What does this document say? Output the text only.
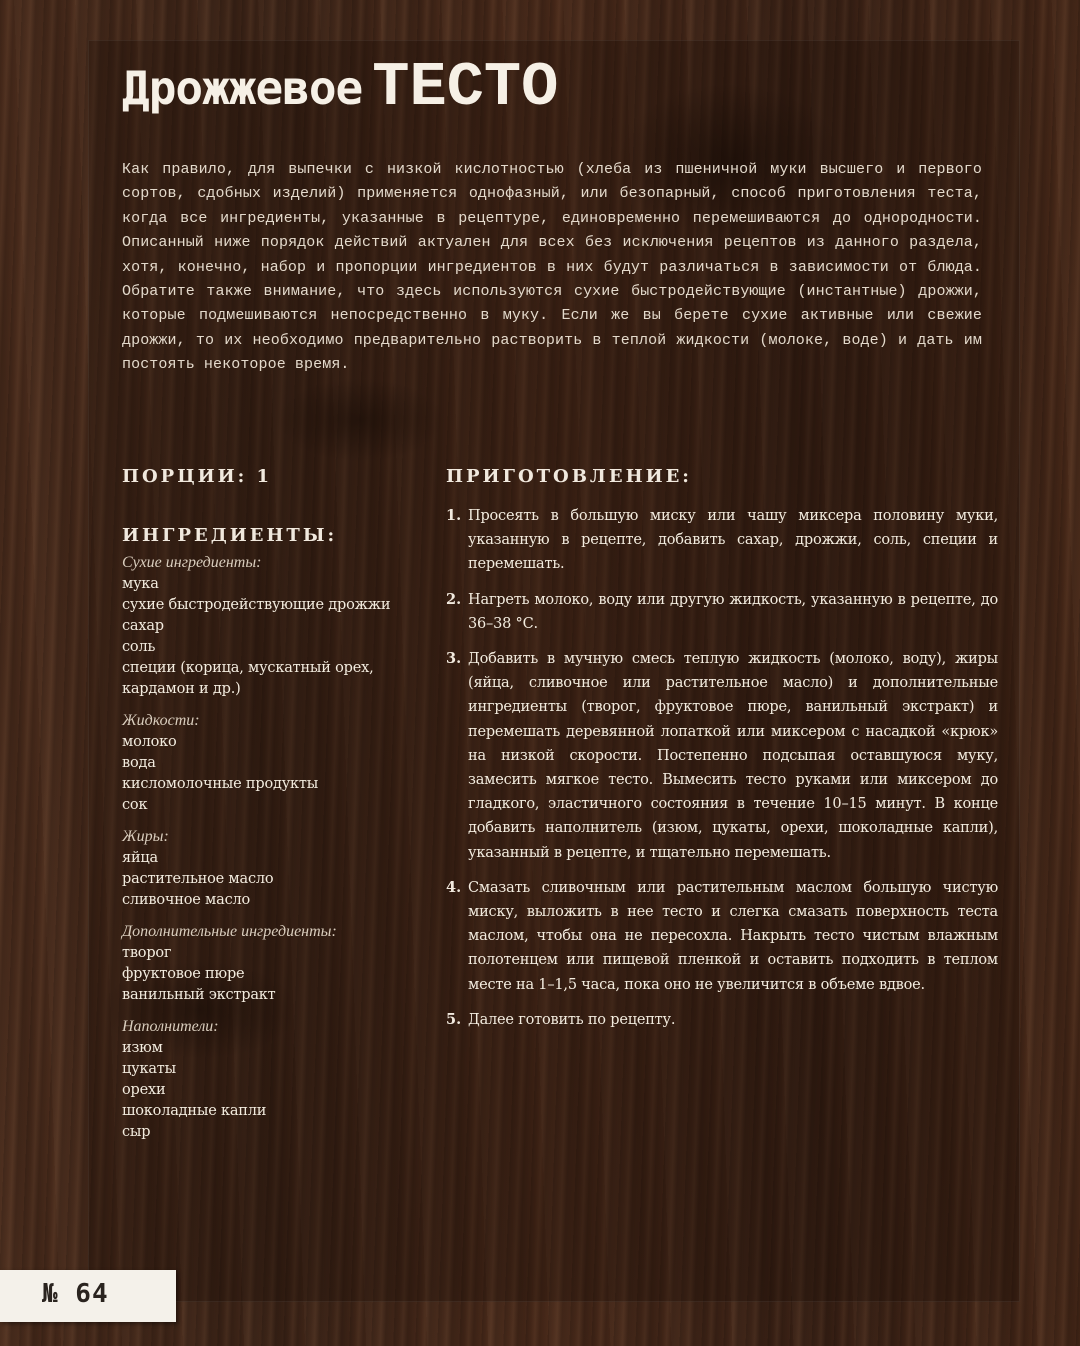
Дрожжевое ТЕСТО

Как правило, для выпечки с низкой кислотностью (хлеба из пшеничной муки высшего и первого сортов, сдобных изделий) применяется однофазный, или безопарный, способ приготовления теста, когда все ингредиенты, указанные в рецептуре, единовременно перемешиваются до однородности. Описанный ниже порядок действий актуален для всех без исключения рецептов из данного раздела, хотя, конечно, набор и пропорции ингредиентов в них будут различаться в зависимости от блюда. Обратите также внимание, что здесь используются сухие быстродействующие (инстантные) дрожжи, которые подмешиваются непосредственно в муку. Если же вы берете сухие активные или свежие дрожжи, то их необходимо предварительно растворить в теплой жидкости (молоке, воде) и дать им постоять некоторое время.

ПОРЦИИ: 1

ИНГРЕДИЕНТЫ:

Сухие ингредиенты:
мука
сухие быстродействующие дрожжи
сахар
соль
специи (корица, мускатный орех, кардамон и др.)
Жидкости:
молоко
вода
кисломолочные продукты
сок
Жиры:
яйца
растительное масло
сливочное масло
Дополнительные ингредиенты:
творог
фруктовое пюре
ванильный экстракт
Наполнители:
изюм
цукаты
орехи
шоколадные капли
сыр

ПРИГОТОВЛЕНИЕ:

1. Просеять в большую миску или чашу миксера половину муки, указанную в рецепте, добавить сахар, дрожжи, соль, специи и перемешать.

2. Нагреть молоко, воду или другую жидкость, указанную в рецепте, до 36–38 °С.

3. Добавить в мучную смесь теплую жидкость (молоко, воду), жиры (яйца, сливочное или растительное масло) и дополнительные ингредиенты (творог, фруктовое пюре, ванильный экстракт) и перемешать деревянной лопаткой или миксером с насадкой «крюк» на низкой скорости. Постепенно подсыпая оставшуюся муку, замесить мягкое тесто. Вымесить тесто руками или миксером до гладкого, эластичного состояния в течение 10–15 минут. В конце добавить наполнитель (изюм, цукаты, орехи, шоколадные капли), указанный в рецепте, и тщательно перемешать.

4. Смазать сливочным или растительным маслом большую чистую миску, выложить в нее тесто и слегка смазать поверхность теста маслом, чтобы она не пересохла. Накрыть тесто чистым влажным полотенцем или пищевой пленкой и оставить подходить в теплом месте на 1–1,5 часа, пока оно не увеличится в объеме вдвое.

5. Далее готовить по рецепту.

№ 64
